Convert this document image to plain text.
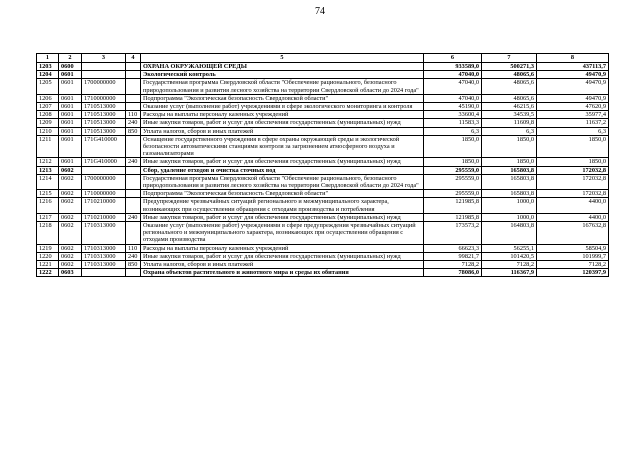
74
1	2	3	4	5	6	7	8
1203	0600			ОХРАНА ОКРУЖАЮЩЕЙ СРЕДЫ	933589,0	500271,3	437113,7
1204	0601			Экологический контроль	47040,0	48065,6	49470,9
1205	0601	1700000000		Государственная программа Свердловской области "Обеспечение рационального, безопасного природопользования и развития лесного хозяйства на территории Свердловской области до 2024 года"	47040,0	48065,6	49470,9
1206	0601	1710000000		Подпрограмма "Экологическая безопасность Свердловской области"	47040,0	48065,6	49470,9
1207	0601	1710513000		Оказание услуг (выполнение работ) учреждениями в сфере экологического мониторинга и контроля	45190,0	46215,6	47620,9
1208	0601	1710513000	110	Расходы на выплаты персоналу казенных учреждений	33600,4	34539,5	35977,4
1209	0601	1710513000	240	Иные закупки товаров, работ и услуг для обеспечения государственных (муниципальных) нужд	11583,3	11609,8	11637,2
1210	0601	1710513000	850	Уплата налогов, сборов и иных платежей	6,3	6,3	6,3
1211	0601	171G410000		Оснащение государственного учреждения в сфере охраны окружающей среды и экологической безопасности автоматическими станциями контроля за загрязнением атмосферного воздуха и газоанализаторами	1850,0	1850,0	1850,0
1212	0601	171G410000	240	Иные закупки товаров, работ и услуг для обеспечения государственных (муниципальных) нужд	1850,0	1850,0	1850,0
1213	0602			Сбор, удаление отходов и очистка сточных вод	295559,0	165803,8	172032,8
1214	0602	1700000000		Государственная программа Свердловской области "Обеспечение рационального, безопасного природопользования и развития лесного хозяйства на территории Свердловской области до 2024 года"	295559,0	165803,8	172032,8
1215	0602	1710000000		Подпрограмма "Экологическая безопасность Свердловской области"	295559,0	165803,8	172032,8
1216	0602	1710210000		Предупреждение чрезвычайных ситуаций регионального и межмуниципального характера, возникающих при осуществлении обращения с отходами производства и потребления	121985,8	1000,0	4400,0
1217	0602	1710210000	240	Иные закупки товаров, работ и услуг для обеспечения государственных (муниципальных) нужд	121985,8	1000,0	4400,0
1218	0602	1710313000		Оказание услуг (выполнение работ) учреждениями в сфере предупреждения чрезвычайных ситуаций регионального и межмуниципального характера, возникающих при осуществлении обращения с отходами производства	173573,2	164803,8	167632,8
1219	0602	1710313000	110	Расходы на выплаты персоналу казенных учреждений	66623,3	56255,1	58504,9
1220	0602	1710313000	240	Иные закупки товаров, работ и услуг для обеспечения государственных (муниципальных) нужд	99821,7	101420,5	101999,7
1221	0602	1710313000	850	Уплата налогов, сборов и иных платежей	7128,2	7128,2	7128,2
1222	0603			Охрана объектов растительного и животного мира и среды их обитания	78086,0	116367,9	120397,9
